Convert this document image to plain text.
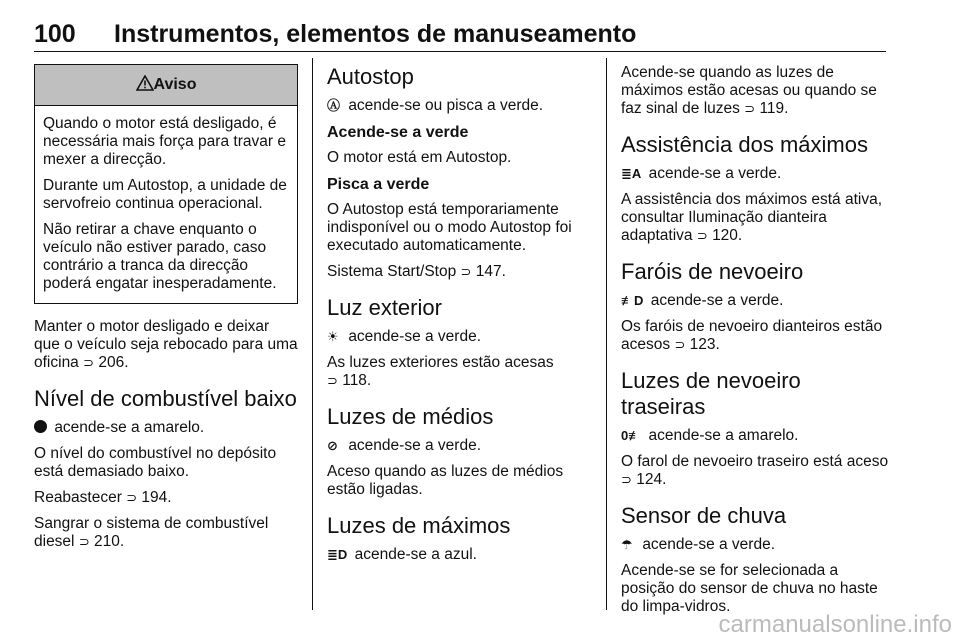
100 Instrumentos, elementos de manuseamento
Aviso

Quando o motor está desligado, é necessária mais força para travar e mexer a direcção.

Durante um Autostop, a unidade de servofreio continua operacional.

Não retirar a chave enquanto o veículo não estiver parado, caso contrário a tranca da direcção poderá engatar inesperadamente.

Manter o motor desligado e deixar que o veículo seja rebocado para uma oficina ⊃ 206.

Nível de combustível baixo

acende-se a amarelo.

O nível do combustível no depósito está demasiado baixo.

Reabastecer ⊃ 194.

Sangrar o sistema de combustível diesel ⊃ 210.

Autostop

Ⓐ acende-se ou pisca a verde.

Acende-se a verde

O motor está em Autostop.

Pisca a verde

O Autostop está temporariamente indisponível ou o modo Autostop foi executado automaticamente.

Sistema Start/Stop ⊃ 147.

Luz exterior

☀ acende-se a verde.

As luzes exteriores estão acesas
⊃ 118.

Luzes de médios

⊘ acende-se a verde.

Aceso quando as luzes de médios estão ligadas.

Luzes de máximos

≣D acende-se a azul.

Acende-se quando as luzes de máximos estão acesas ou quando se faz sinal de luzes ⊃ 119.

Assistência dos máximos

≣A acende-se a verde.

A assistência dos máximos está ativa, consultar Iluminação dianteira adaptativa ⊃ 120.

Faróis de nevoeiro

≢D acende-se a verde.

Os faróis de nevoeiro dianteiros estão acesos ⊃ 123.

Luzes de nevoeiro traseiras

0≢ acende-se a amarelo.

O farol de nevoeiro traseiro está aceso ⊃ 124.

Sensor de chuva

☂ acende-se a verde.

Acende-se se for selecionada a posição do sensor de chuva no haste do limpa-vidros.

carmanualsonline.info
